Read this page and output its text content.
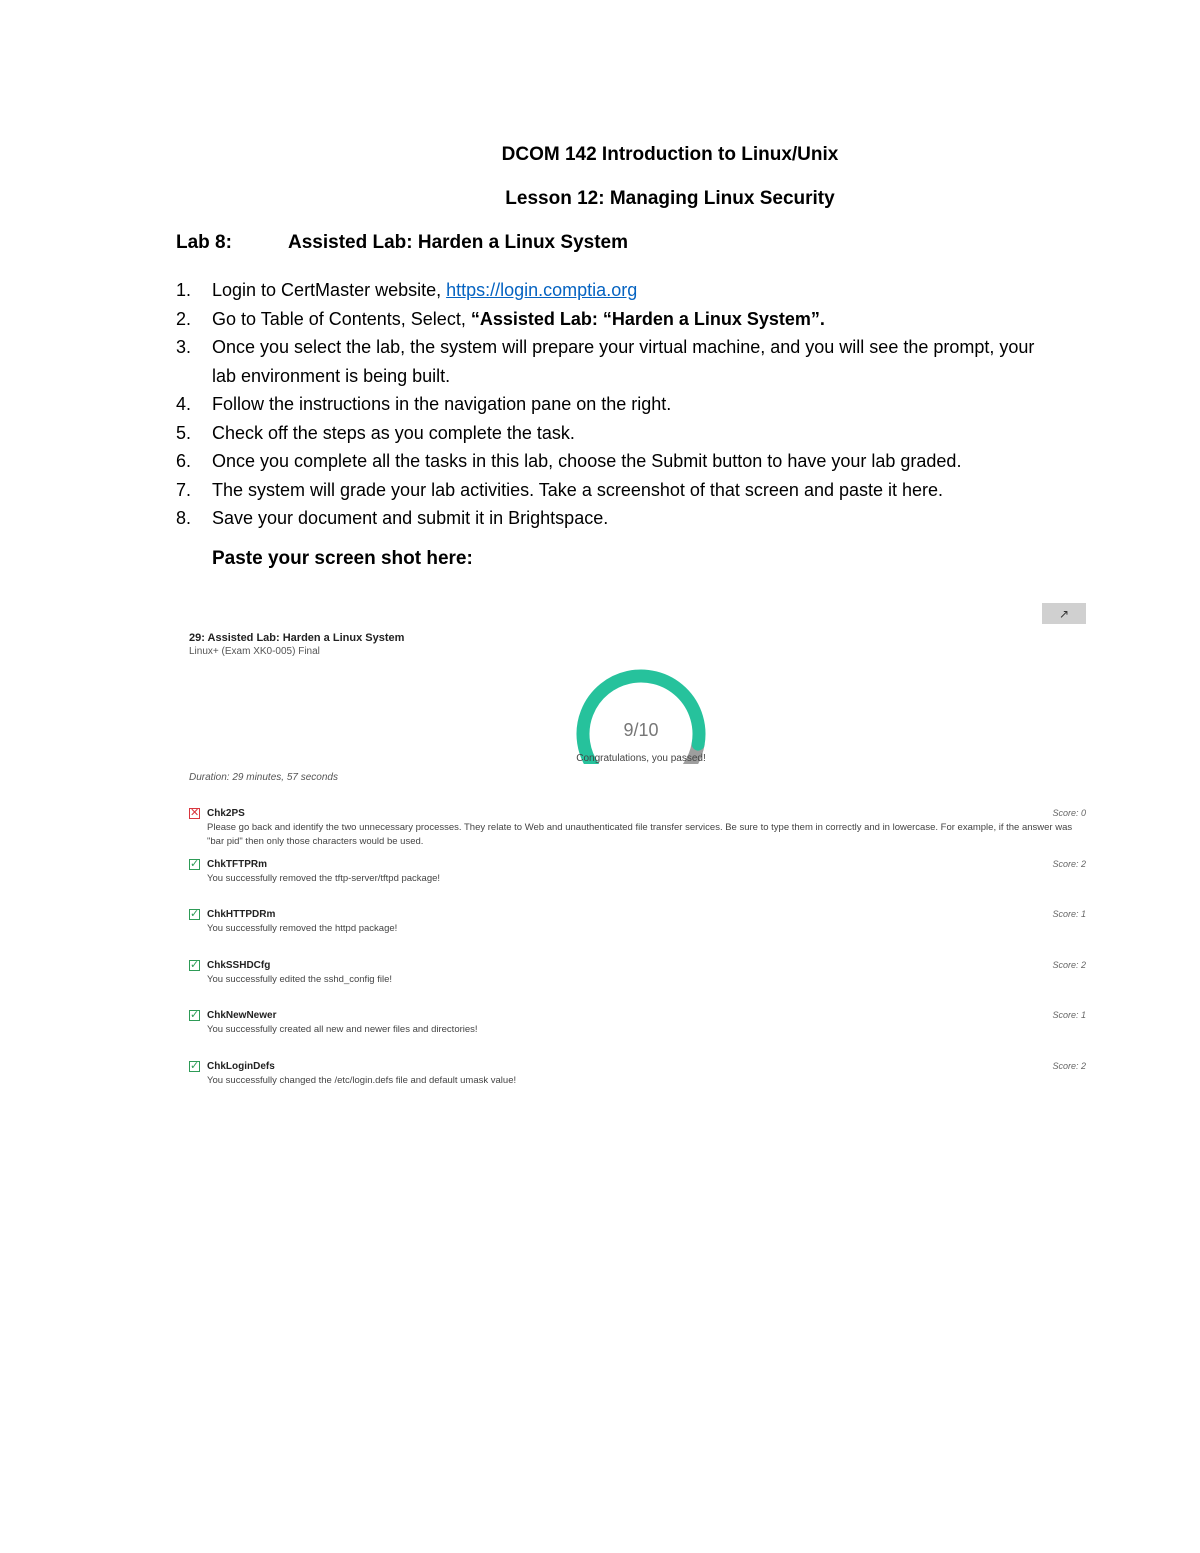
DCOM 142 Introduction to Linux/Unix
Lesson 12: Managing Linux Security
Lab 8:	Assisted Lab: Harden a Linux System
1. Login to CertMaster website, https://login.comptia.org
2. Go to Table of Contents, Select, “Assisted Lab: “Harden a Linux System”.
3. Once you select the lab, the system will prepare your virtual machine, and you will see the prompt, your lab environment is being built.
4. Follow the instructions in the navigation pane on the right.
5. Check off the steps as you complete the task.
6. Once you complete all the tasks in this lab, choose the Submit button to have your lab graded.
7. The system will grade your lab activities. Take a screenshot of that screen and paste it here.
8. Save your document and submit it in Brightspace.
Paste your screen shot here:
↗
29: Assisted Lab: Harden a Linux System
Linux+ (Exam XK0-005) Final
9/10
Congratulations, you passed!
Duration: 29 minutes, 57 seconds
✕ Chk2PS	Score: 0
Please go back and identify the two unnecessary processes. They relate to Web and unauthenticated file transfer services. Be sure to type them in correctly and in lowercase. For example, if the answer was "bar pid" then only those characters would be used.
✓ ChkTFTPRm	Score: 2
You successfully removed the tftp-server/tftpd package!
✓ ChkHTTPDRm	Score: 1
You successfully removed the httpd package!
✓ ChkSSHDCfg	Score: 2
You successfully edited the sshd_config file!
✓ ChkNewNewer	Score: 1
You successfully created all new and newer files and directories!
✓ ChkLoginDefs	Score: 2
You successfully changed the /etc/login.defs file and default umask value!
